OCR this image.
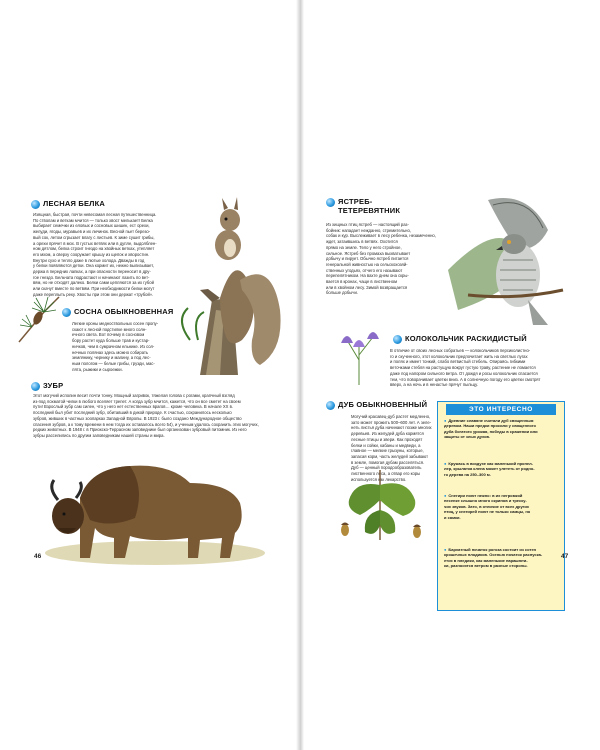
ЛЕСНАЯ БЕЛКА
Изящная, быстрая, почти невесомая лесная путешественница.
По стволам и веткам мчится — только хвост мелькает! Белка
выбирает семечки из еловых и сосновых шишек, ест орехи,
желуди, ягоды, муравьев и их личинок. Весной пьет березо-
вый сок, летом сгрызает влагу с листьев. К зиме сушит грибы,
а орехи прячет в мох. В густых ветвях или в дупле, выдолблен-
ном дятлом, белка строит гнездо на хвойных ветках, утепляет
его мхом, а сверху сооружает крышу из щепок и хворостин.
Внутри сухо и тепло даже в лютые холода. Дважды в год
у белки появляются детки. Она кормит их, нежно вылизывает,
держа в передних лапках, а при опасности переносит в дру-
гое гнездо. Бельчата подрастают и начинают лазить по вет-
вям, но не отходят далеко. Белки сами цепляются за их губой
или скачут вместе по ветвям. При необходимости белки могут
даже переплыть реку. Хвосты при этом они держат «трубой».
СОСНА ОБЫКНОВЕННАЯ
Легкие кроны медноствольных сосен пропу-
скают к лесной подстилке много солн-
ечного света. Вот почему в сосновом
бору растет куда больше трав и кустар-
ничков, чем в сумрачном ельнике. Из сол-
нечных полянах здесь можно собирать
землянику, чернику и малину, а под лес-
ным пологом — белые грибы, грузди, мас-
лята, рыжики и сыроежки.
ЗУБР
Этот могучий исполин весит почти тонну. Мощный загривок, тяжелая голова с рогами, крапчный взгляд
из-под лохматой челки в любого вселяет трепет. А когда зубр мчится, кажется, что он все сметет на своем
пути! Взрослый зубр сам силен, что у него нет естественных врагов… кроме человека. В начале XX в.
последний был убит последний зубр, обитавший в дикой природе. К счастью, сохранилось несколько
зубров, живших в частных зоопарках Западной Европы. В 1923 г. было создано Международное общество
спасения зубров, а к тому времени в нем тогда их оставалось всего 54), и ученым удалось сохранить этих могучих,
редких животных. В 1948 г. в Приокско-Террасном заповеднике был организован зубровый питомник. Из него
зубры расселились по другим заповедникам нашей страны и мира.
46
ЯСТРЕБ-ТЕТЕРЕВЯТНИК
Из хищных птиц ястреб — настоящий раз-
бойник: нападает нежданно, стремительно,
собак и кур. Выслеживает в лесу ребенка, незамеченно,
ждет, затаившись в ветвях. Охотится
прямо на земле. Тело у него стройное,
сильное. Ястреб без промаха выхватывает
добычу и пирует. Обычно ястреб питается
генеральной живностью на сельскохозяй-
ственных угодьях, отчего его называют
перепелятником. На вахте днем она скры-
вается в кронах, чаще в лиственном
или в хвойном лесу. Зимой возвращается
больше добычи.
КОЛОКОЛЬЧИК РАСКИДИСТЫЙ
В отличие от своих лесных собратьев — колокольчиков персиколистно-
го и скученного, этот колокольчик предпочитает жить на светлых лугах
и полях и имеет тонкий, слабо ветвистый стебель. Опираясь гибкими
веточками стебля на растущую вокруг густую траву, растение не ломается
даже под напором сильного ветра. От дождя и росы колокольчик спасается
тем, что поворачивает цветки вниз. А в солнечную погоду его цветки смотрят
вверх, а на ночь и в ненастье прячут пыльцу.
ДУБ ОБЫКНОВЕННЫЙ
Могучий красавец-дуб растет медленно,
зато может прожить 500–600 лет. А зеле-
неть листья дуба начинают позже многих
деревьев. Из желудей дуба кормятся
лесные птицы и звери. Как проходят
белки и сойки, кабаны и медведи, а
главное — мелкие грызуны, которые,
запасая корм, часть желудей забывают
в земле, помогая дубам расселяться.
Дуб — ценный породообразователь
лиственного леса, а отвар его коры
используется как лекарство.
ЭТО ИНТЕРЕСНО
● Древние славяне считали дуб священным
деревом. Наши предки просили у священного
дуба богатого урожая, победы в сражении или
защиты от злых духов.
● Кружась в воздухе как маленький пропел-
лер, крылатка клена может улететь от родно-
го дерева на 250–300 м.
● Снегири поют нежно: в их негромкой
песенке слышно много скрипов и треску-
чих звуков. Зато, в отличие от всех других
птиц, у снегирей поют не только самцы, но
и самки.
● Бархатный початок рогоза состоит из сотен
крошечных плодиков. Осенью початок распуска-
ется в пледики, как маленькие парашюти-
ки, разносятся ветром в разные стороны.
47
